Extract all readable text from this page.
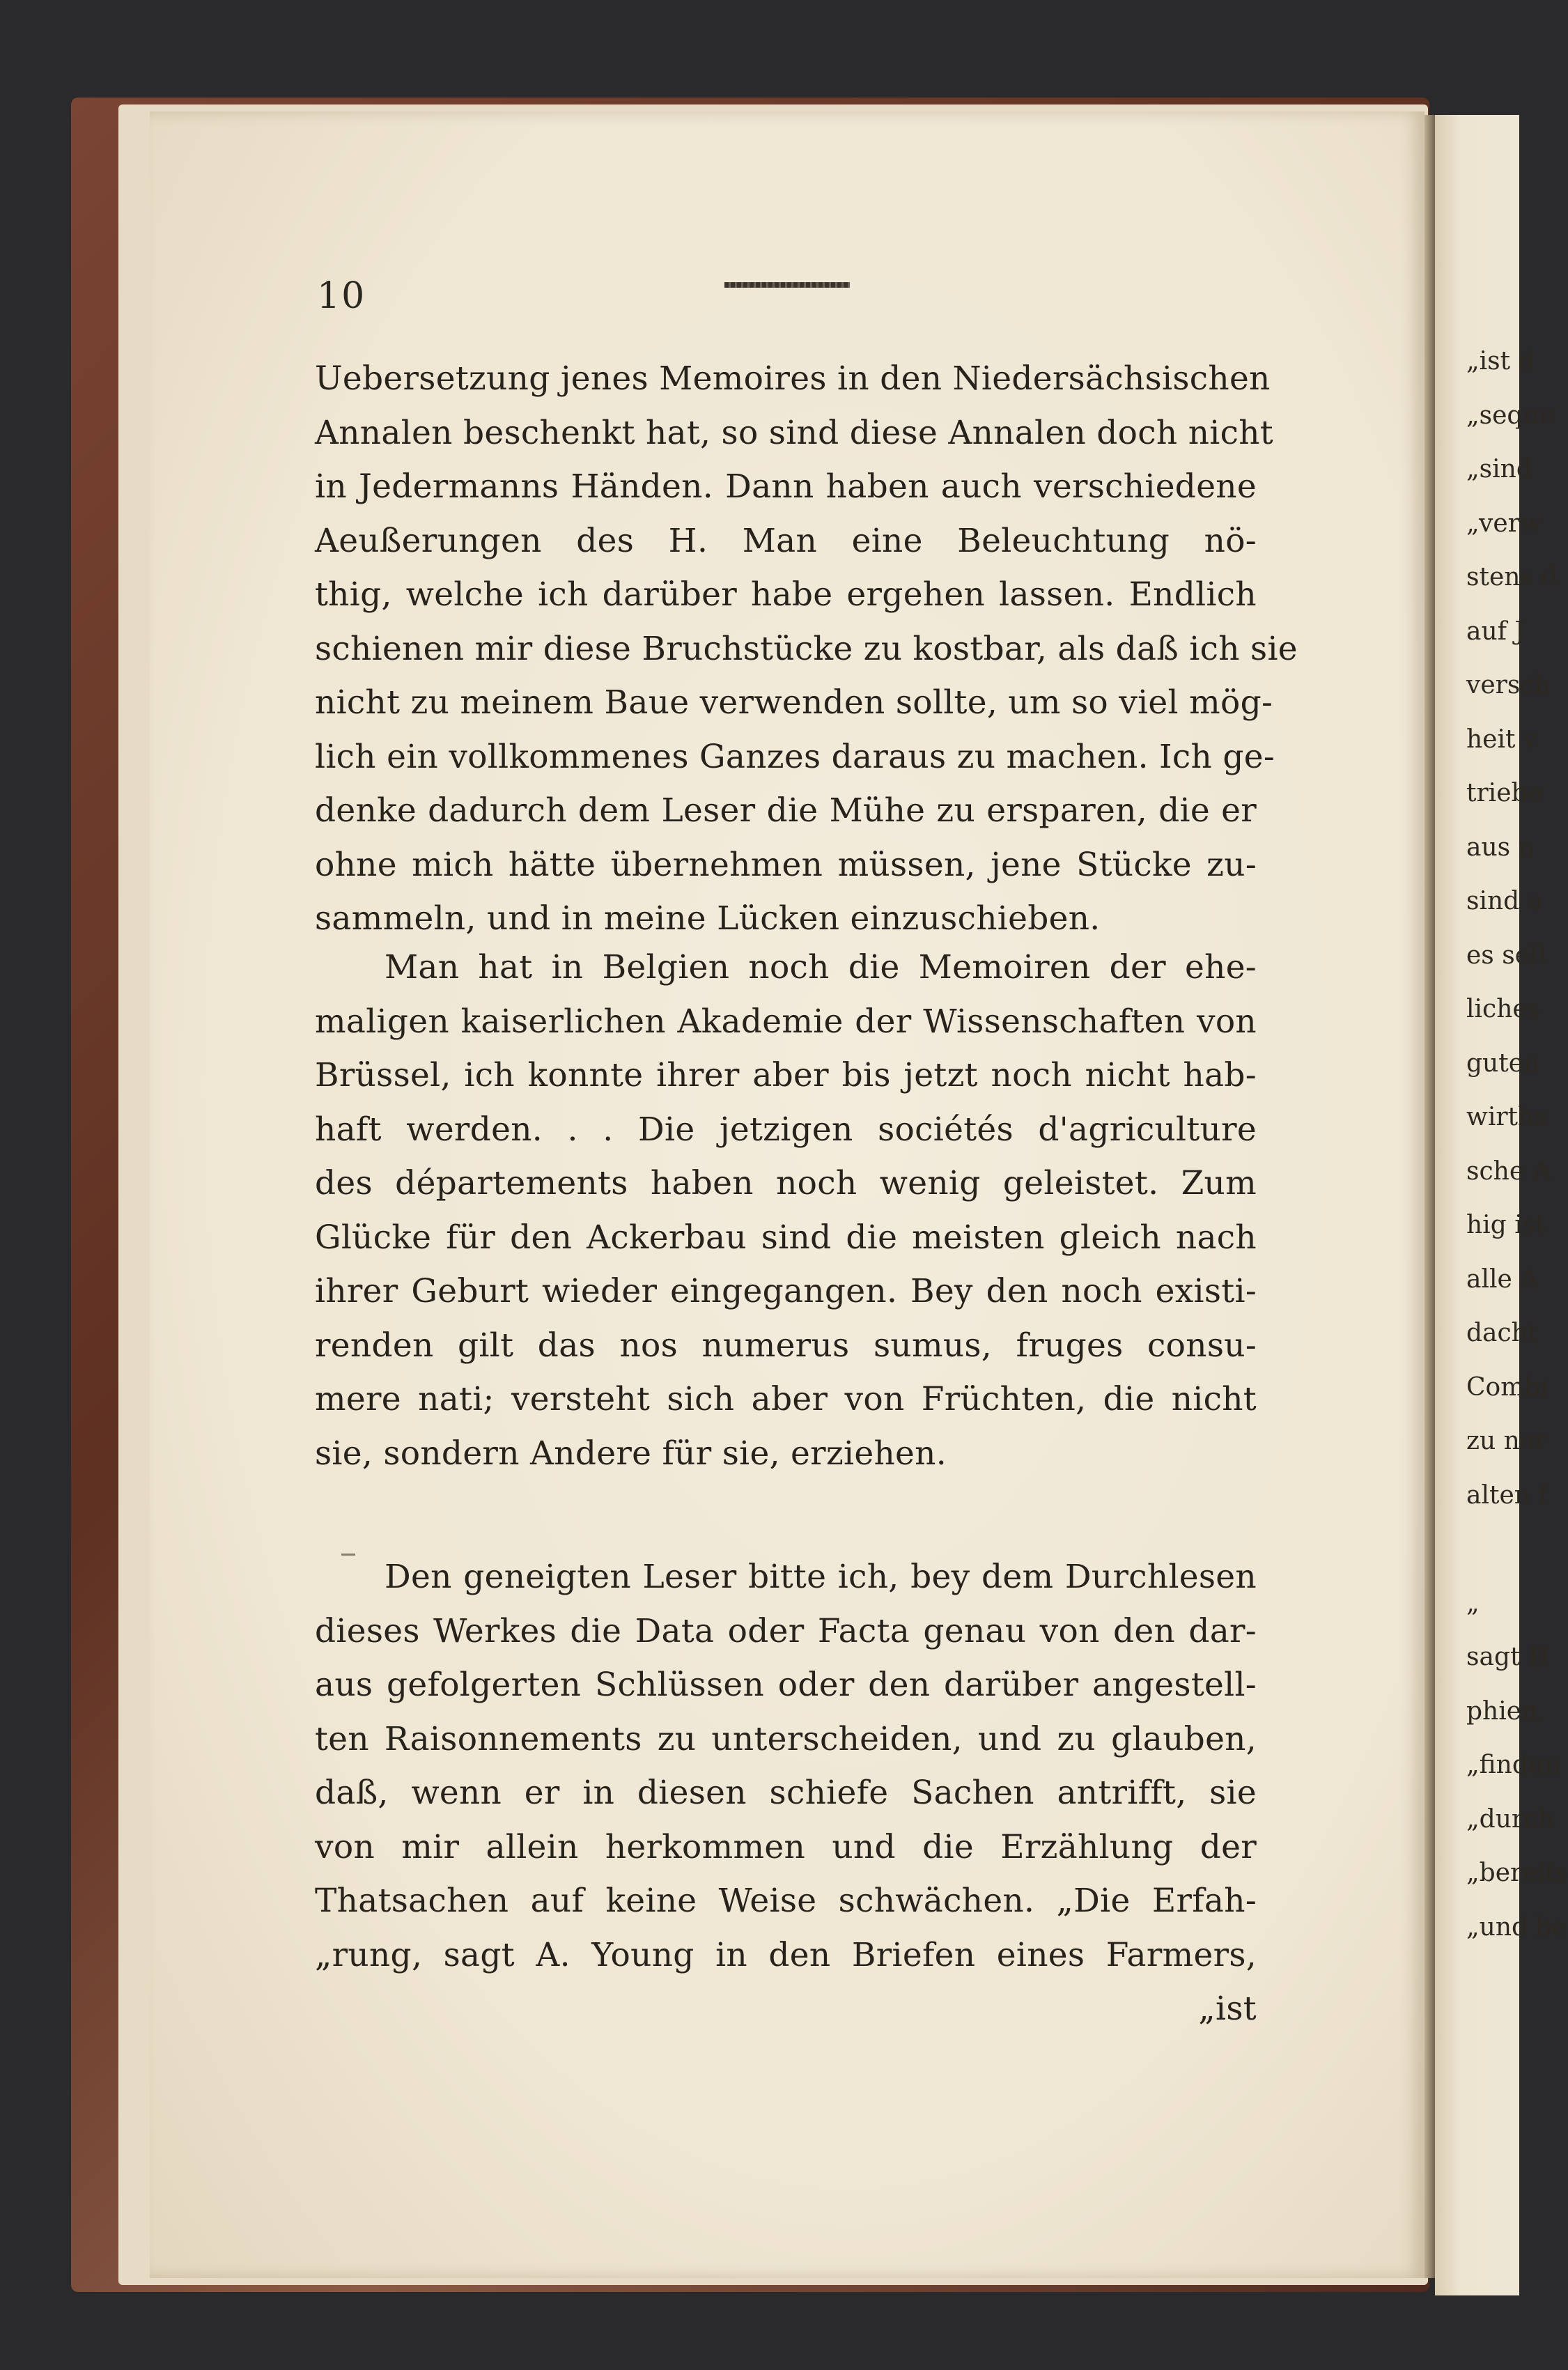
10
Uebersetzung jenes Memoires in den Niedersächsischen
Annalen beschenkt hat, so sind diese Annalen doch nicht
in Jedermanns Händen. Dann haben auch verschiedene
Aeußerungen des H. Man eine Beleuchtung nö-
thig, welche ich darüber habe ergehen lassen. Endlich
schienen mir diese Bruchstücke zu kostbar, als daß ich sie
nicht zu meinem Baue verwenden sollte, um so viel mög-
lich ein vollkommenes Ganzes daraus zu machen. Ich ge-
denke dadurch dem Leser die Mühe zu ersparen, die er
ohne mich hätte übernehmen müssen, jene Stücke zu-
sammeln, und in meine Lücken einzuschieben.
Man hat in Belgien noch die Memoiren der ehe-
maligen kaiserlichen Akademie der Wissenschaften von
Brüssel, ich konnte ihrer aber bis jetzt noch nicht hab-
haft werden. . . Die jetzigen sociétés d'agriculture
des départements haben noch wenig geleistet. Zum
Glücke für den Ackerbau sind die meisten gleich nach
ihrer Geburt wieder eingegangen. Bey den noch existi-
renden gilt das nos numerus sumus, fruges consu-
mere nati; versteht sich aber von Früchten, die nicht
sie, sondern Andere für sie, erziehen.
Den geneigten Leser bitte ich, bey dem Durchlesen
dieses Werkes die Data oder Facta genau von den dar-
aus gefolgerten Schlüssen oder den darüber angestell-
ten Raisonnements zu unterscheiden, und zu glauben,
daß, wenn er in diesen schiefe Sachen antrifft, sie
von mir allein herkommen und die Erzählung der
Thatsachen auf keine Weise schwächen. „Die Erfah-
„rung, sagt A. Young in den Briefen eines Farmers,
„ist
„ist d
„seque
„sind
„verw
stens d
auf J
versch
heit v
triebe
aus n
sind o
es sell
liches
guten
wirths
sche A
hig ist
alle A
dacht
Combi
zu ner
alten f
„
sagt H
phien,
„findun
„durch
„bereits
„und be
